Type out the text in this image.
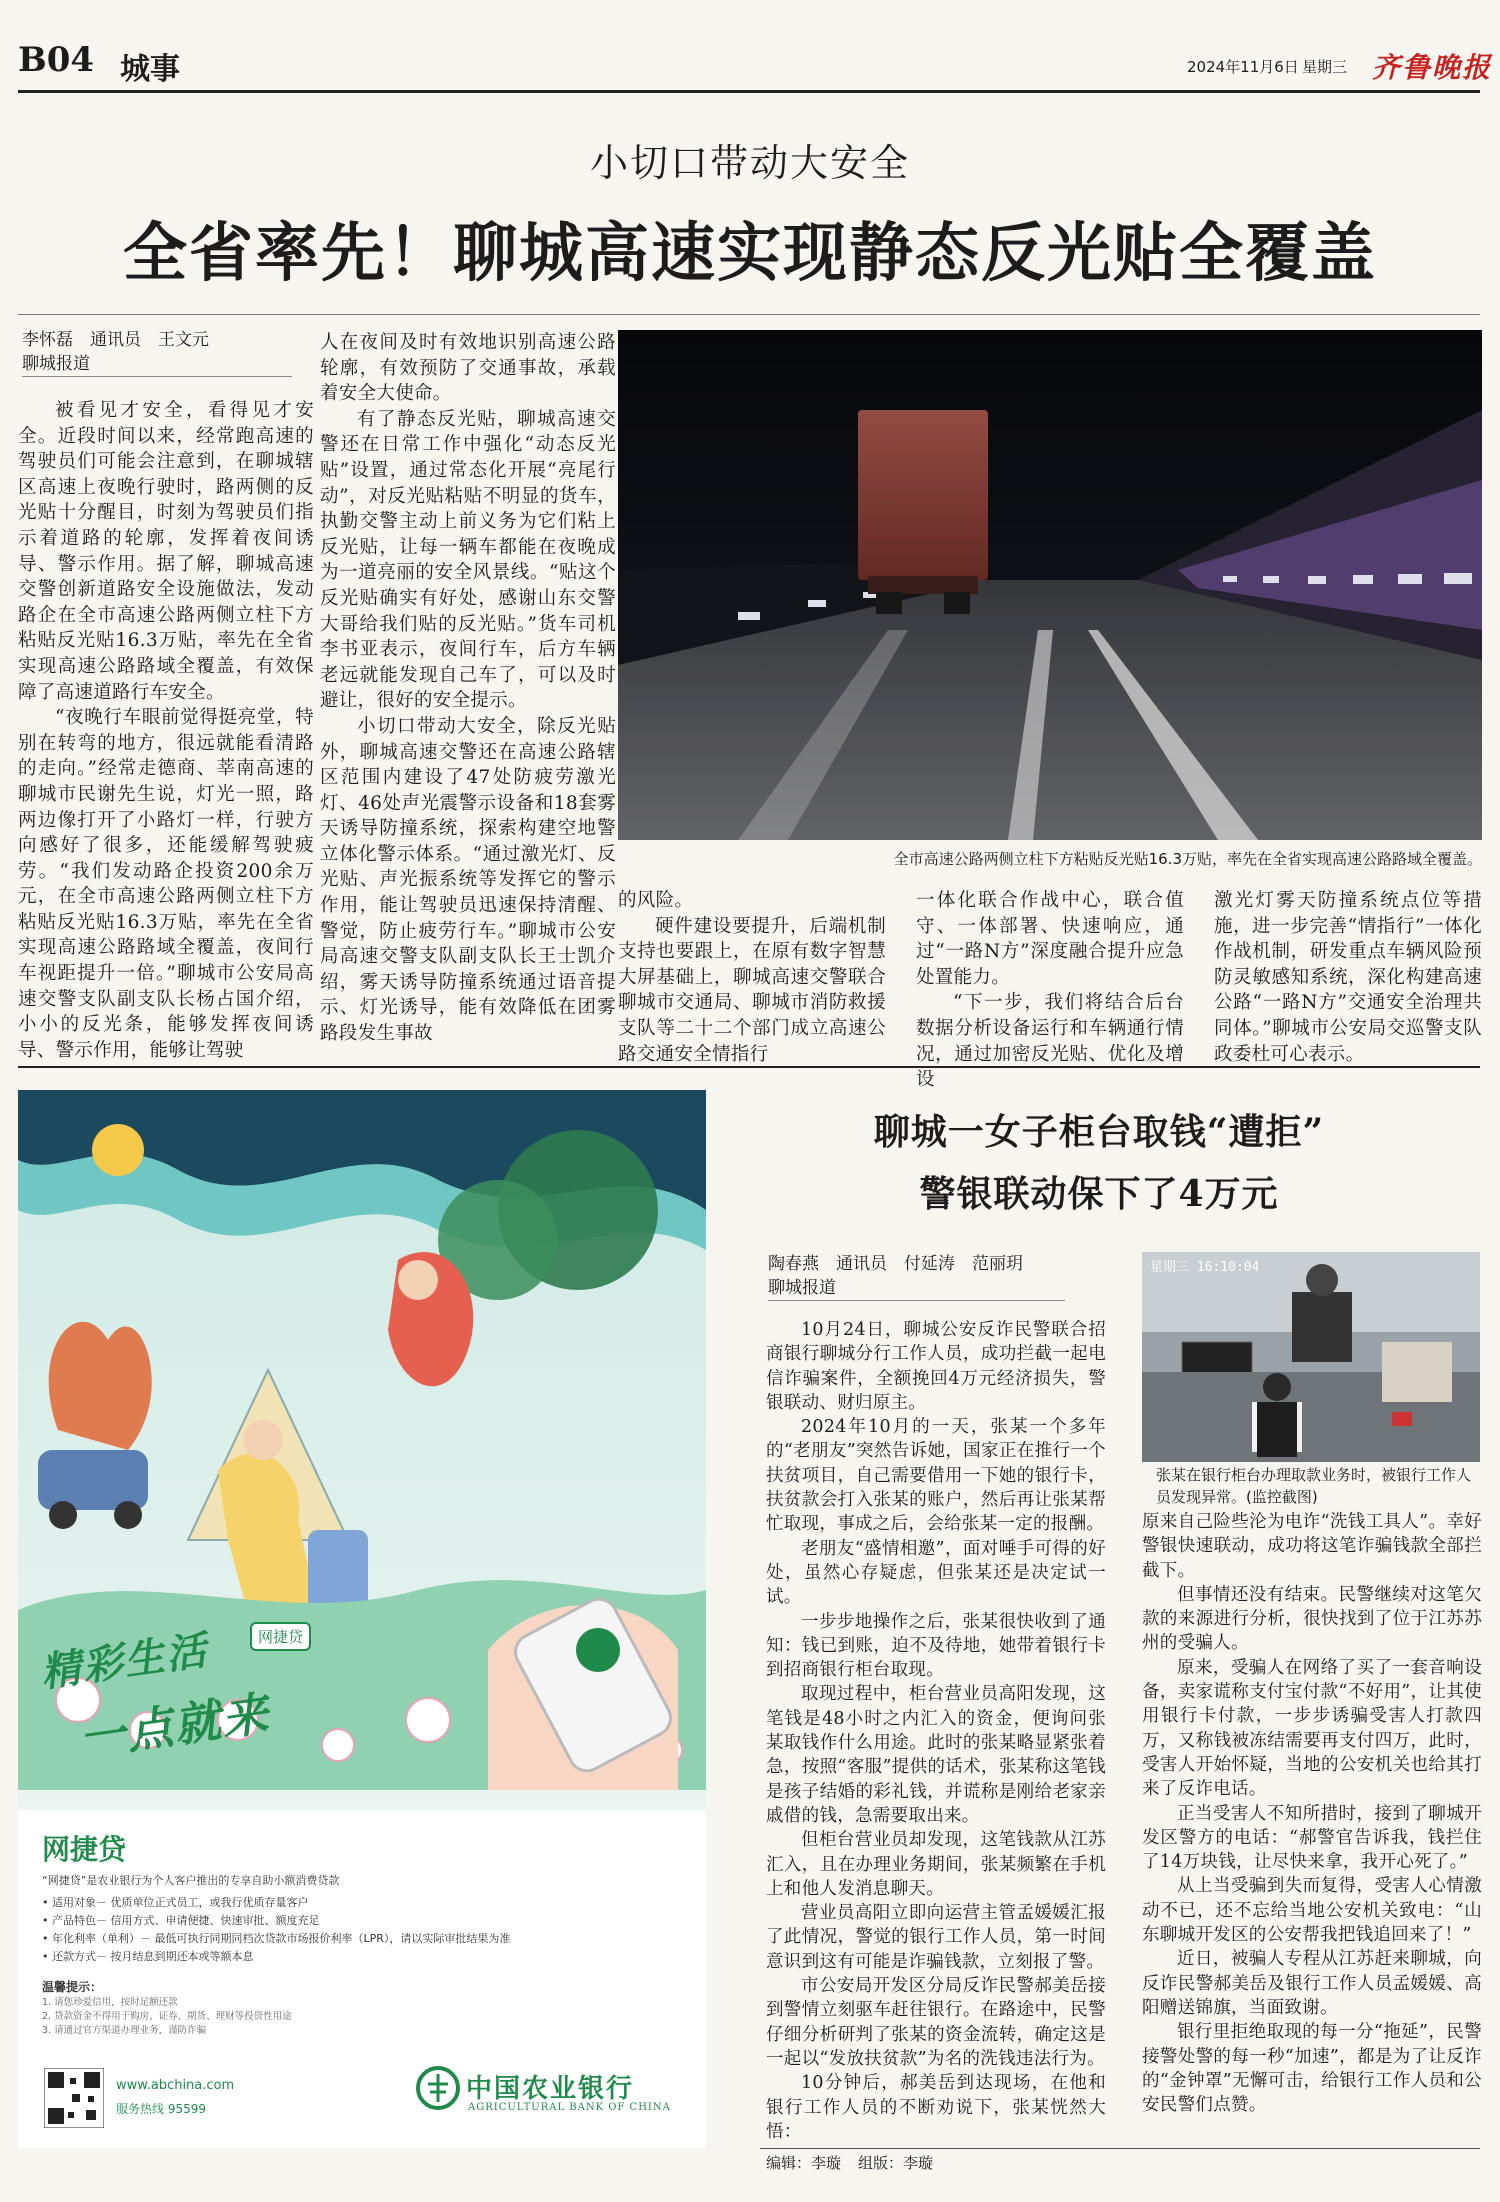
B04 城事	2024年11月6日 星期三 齐鲁晚报
小切口带动大安全
全省率先！聊城高速实现静态反光贴全覆盖
李怀磊　通讯员　王文元
聊城报道

被看见才安全，看得见才安全。近段时间以来，经常跑高速的驾驶员们可能会注意到，在聊城辖区高速上夜晚行驶时，路两侧的反光贴十分醒目，时刻为驾驶员们指示着道路的轮廓，发挥着夜间诱导、警示作用。据了解，聊城高速交警创新道路安全设施做法，发动路企在全市高速公路两侧立柱下方粘贴反光贴16.3万贴，率先在全省实现高速公路路域全覆盖，有效保障了高速道路行车安全。

“夜晚行车眼前觉得挺亮堂，特别在转弯的地方，很远就能看清路的走向。”经常走德商、莘南高速的聊城市民谢先生说，灯光一照，路两边像打开了小路灯一样，行驶方向感好了很多，还能缓解驾驶疲劳。“我们发动路企投资200余万元，在全市高速公路两侧立柱下方粘贴反光贴16.3万贴，率先在全省实现高速公路路域全覆盖，夜间行车视距提升一倍。”聊城市公安局高速交警支队副支队长杨占国介绍，小小的反光条，能够发挥夜间诱导、警示作用，能够让驾驶

人在夜间及时有效地识别高速公路轮廓，有效预防了交通事故，承载着安全大使命。

有了静态反光贴，聊城高速交警还在日常工作中强化“动态反光贴”设置，通过常态化开展“亮尾行动”，对反光贴粘贴不明显的货车，执勤交警主动上前义务为它们粘上反光贴，让每一辆车都能在夜晚成为一道亮丽的安全风景线。“贴这个反光贴确实有好处，感谢山东交警大哥给我们贴的反光贴。”货车司机李书亚表示，夜间行车，后方车辆老远就能发现自己车了，可以及时避让，很好的安全提示。

小切口带动大安全，除反光贴外，聊城高速交警还在高速公路辖区范围内建设了47处防疲劳激光灯、46处声光震警示设备和18套雾天诱导防撞系统，探索构建空地警立体化警示体系。“通过激光灯、反光贴、声光振系统等发挥它的警示作用，能让驾驶员迅速保持清醒、警觉，防止疲劳行车。”聊城市公安局高速交警支队副支队长王士凯介绍，雾天诱导防撞系统通过语音提示、灯光诱导，能有效降低在团雾路段发生事故

全市高速公路两侧立柱下方粘贴反光贴16.3万贴，率先在全省实现高速公路路域全覆盖。

的风险。

硬件建设要提升，后端机制支持也要跟上，在原有数字智慧大屏基础上，聊城高速交警联合聊城市交通局、聊城市消防救援支队等二十二个部门成立高速公路交通安全情指行

一体化联合作战中心，联合值守、一体部署、快速响应，通过“一路N方”深度融合提升应急处置能力。

“下一步，我们将结合后台数据分析设备运行和车辆通行情况，通过加密反光贴、优化及增设

激光灯雾天防撞系统点位等措施，进一步完善“情指行”一体化作战机制，研发重点车辆风险预防灵敏感知系统，深化构建高速公路“一路N方”交通安全治理共同体。”聊城市公安局交巡警支队政委杜可心表示。

精彩生活
一点就来
网捷贷
网捷贷
“网捷贷”是农业银行为个人客户推出的专享自助小额消费贷款
• 适用对象－ 优质单位正式员工，或我行优质存量客户
• 产品特色－ 信用方式、申请便捷、快速审批、额度充足
• 年化利率（单利）－ 最低可执行同期同档次贷款市场报价利率（LPR），请以实际审批结果为准
• 还款方式－ 按月结息到期还本或等额本息
温馨提示：
1. 请您珍爱信用，按时足额还款
2. 贷款资金不得用于购房、证券、期货、理财等投资性用途
3. 请通过官方渠道办理业务，谨防诈骗
www.abchina.com
服务热线 95599
中国农业银行
AGRICULTURAL BANK OF CHINA
聊城一女子柜台取钱“遭拒”
警银联动保下了4万元
陶春燕　通讯员　付延涛　范丽玥
聊城报道

10月24日，聊城公安反诈民警联合招商银行聊城分行工作人员，成功拦截一起电信诈骗案件，全额挽回4万元经济损失，警银联动、财归原主。

2024年10月的一天，张某一个多年的“老朋友”突然告诉她，国家正在推行一个扶贫项目，自己需要借用一下她的银行卡，扶贫款会打入张某的账户，然后再让张某帮忙取现，事成之后，会给张某一定的报酬。

老朋友“盛情相邀”，面对唾手可得的好处，虽然心存疑虑，但张某还是决定试一试。

一步步地操作之后，张某很快收到了通知：钱已到账，迫不及待地，她带着银行卡到招商银行柜台取现。

取现过程中，柜台营业员高阳发现，这笔钱是48小时之内汇入的资金，便询问张某取钱作什么用途。此时的张某略显紧张着急，按照“客服”提供的话术，张某称这笔钱是孩子结婚的彩礼钱，并谎称是刚给老家亲戚借的钱，急需要取出来。

但柜台营业员却发现，这笔钱款从江苏汇入，且在办理业务期间，张某频繁在手机上和他人发消息聊天。

营业员高阳立即向运营主管孟媛媛汇报了此情况，警觉的银行工作人员，第一时间意识到这有可能是诈骗钱款，立刻报了警。

市公安局开发区分局反诈民警郝美岳接到警情立刻驱车赶往银行。在路途中，民警仔细分析研判了张某的资金流转，确定这是一起以“发放扶贫款”为名的洗钱违法行为。

10分钟后，郝美岳到达现场，在他和银行工作人员的不断劝说下，张某恍然大悟：

星期三 16:10:04
张某在银行柜台办理取款业务时，被银行工作人员发现异常。(监控截图)

原来自己险些沦为电诈“洗钱工具人”。幸好警银快速联动，成功将这笔诈骗钱款全部拦截下。

但事情还没有结束。民警继续对这笔欠款的来源进行分析，很快找到了位于江苏苏州的受骗人。

原来，受骗人在网络了买了一套音响设备，卖家谎称支付宝付款“不好用”，让其使用银行卡付款，一步步诱骗受害人打款四万，又称钱被冻结需要再支付四万，此时，受害人开始怀疑，当地的公安机关也给其打来了反诈电话。

正当受害人不知所措时，接到了聊城开发区警方的电话：“郝警官告诉我，钱拦住了14万块钱，让尽快来拿，我开心死了。”

从上当受骗到失而复得，受害人心情激动不已，还不忘给当地公安机关致电：“山东聊城开发区的公安帮我把钱追回来了！”

近日，被骗人专程从江苏赶来聊城，向反诈民警郝美岳及银行工作人员孟媛媛、高阳赠送锦旗，当面致谢。

银行里拒绝取现的每一分“拖延”，民警接警处警的每一秒“加速”，都是为了让反诈的“金钟罩”无懈可击，给银行工作人员和公安民警们点赞。

编辑：李璇 组版：李璇
